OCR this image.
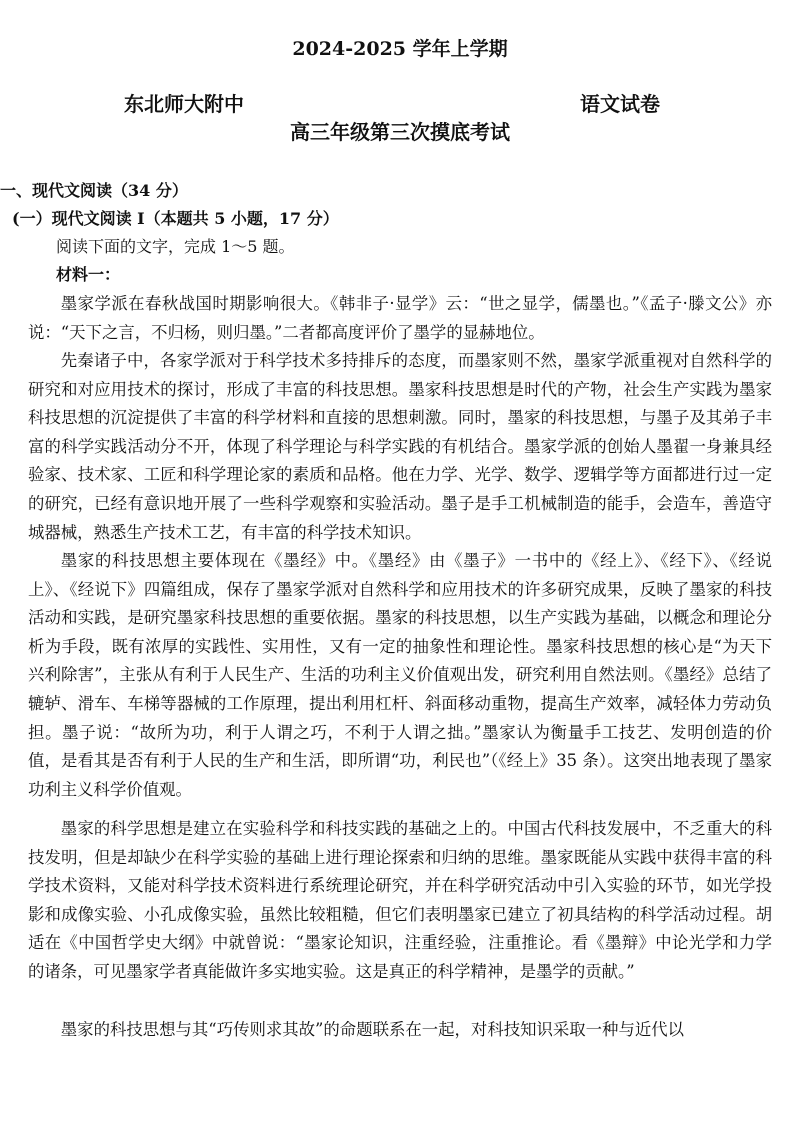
2024-2025 学年上学期
东北师大附中	语文试卷
高三年级第三次摸底考试
一、现代文阅读（34 分）
(一）现代文阅读 I（本题共 5 小题，17 分）
阅读下面的文字，完成 1～5 题。
材料一：
墨家学派在春秋战国时期影响很大。《韩非子·显学》云：“世之显学，儒墨也。”《孟子·滕文公》亦说：“天下之言，不归杨，则归墨。”二者都高度评价了墨学的显赫地位。
先秦诸子中，各家学派对于科学技术多持排斥的态度，而墨家则不然，墨家学派重视对自然科学的研究和对应用技术的探讨，形成了丰富的科技思想。墨家科技思想是时代的产物，社会生产实践为墨家科技思想的沉淀提供了丰富的科学材料和直接的思想刺激。同时，墨家的科技思想，与墨子及其弟子丰富的科学实践活动分不开，体现了科学理论与科学实践的有机结合。墨家学派的创始人墨翟一身兼具经验家、技术家、工匠和科学理论家的素质和品格。他在力学、光学、数学、逻辑学等方面都进行过一定的研究，已经有意识地开展了一些科学观察和实验活动。墨子是手工机械制造的能手，会造车，善造守城器械，熟悉生产技术工艺，有丰富的科学技术知识。
墨家的科技思想主要体现在《墨经》中。《墨经》由《墨子》一书中的《经上》、《经下》、《经说上》、《经说下》四篇组成，保存了墨家学派对自然科学和应用技术的许多研究成果，反映了墨家的科技活动和实践，是研究墨家科技思想的重要依据。墨家的科技思想，以生产实践为基础，以概念和理论分析为手段，既有浓厚的实践性、实用性，又有一定的抽象性和理论性。墨家科技思想的核心是“为天下兴利除害”，主张从有利于人民生产、生活的功利主义价值观出发，研究利用自然法则。《墨经》总结了辘轳、滑车、车梯等器械的工作原理，提出利用杠杆、斜面移动重物，提高生产效率，减轻体力劳动负担。墨子说：“故所为功，利于人谓之巧，不利于人谓之拙。”墨家认为衡量手工技艺、发明创造的价值，是看其是否有利于人民的生产和生活，即所谓“功，利民也”（《经上》35 条）。这突出地表现了墨家功利主义科学价值观。
墨家的科学思想是建立在实验科学和科技实践的基础之上的。中国古代科技发展中，不乏重大的科技发明，但是却缺少在科学实验的基础上进行理论探索和归纳的思维。墨家既能从实践中获得丰富的科学技术资料，又能对科学技术资料进行系统理论研究，并在科学研究活动中引入实验的环节，如光学投影和成像实验、小孔成像实验，虽然比较粗糙，但它们表明墨家已建立了初具结构的科学活动过程。胡适在《中国哲学史大纲》中就曾说：“墨家论知识，注重经验，注重推论。看《墨辩》中论光学和力学的诸条，可见墨家学者真能做许多实地实验。这是真正的科学精神，是墨学的贡献。”
墨家的科技思想与其“巧传则求其故”的命题联系在一起，对科技知识采取一种与近代以
